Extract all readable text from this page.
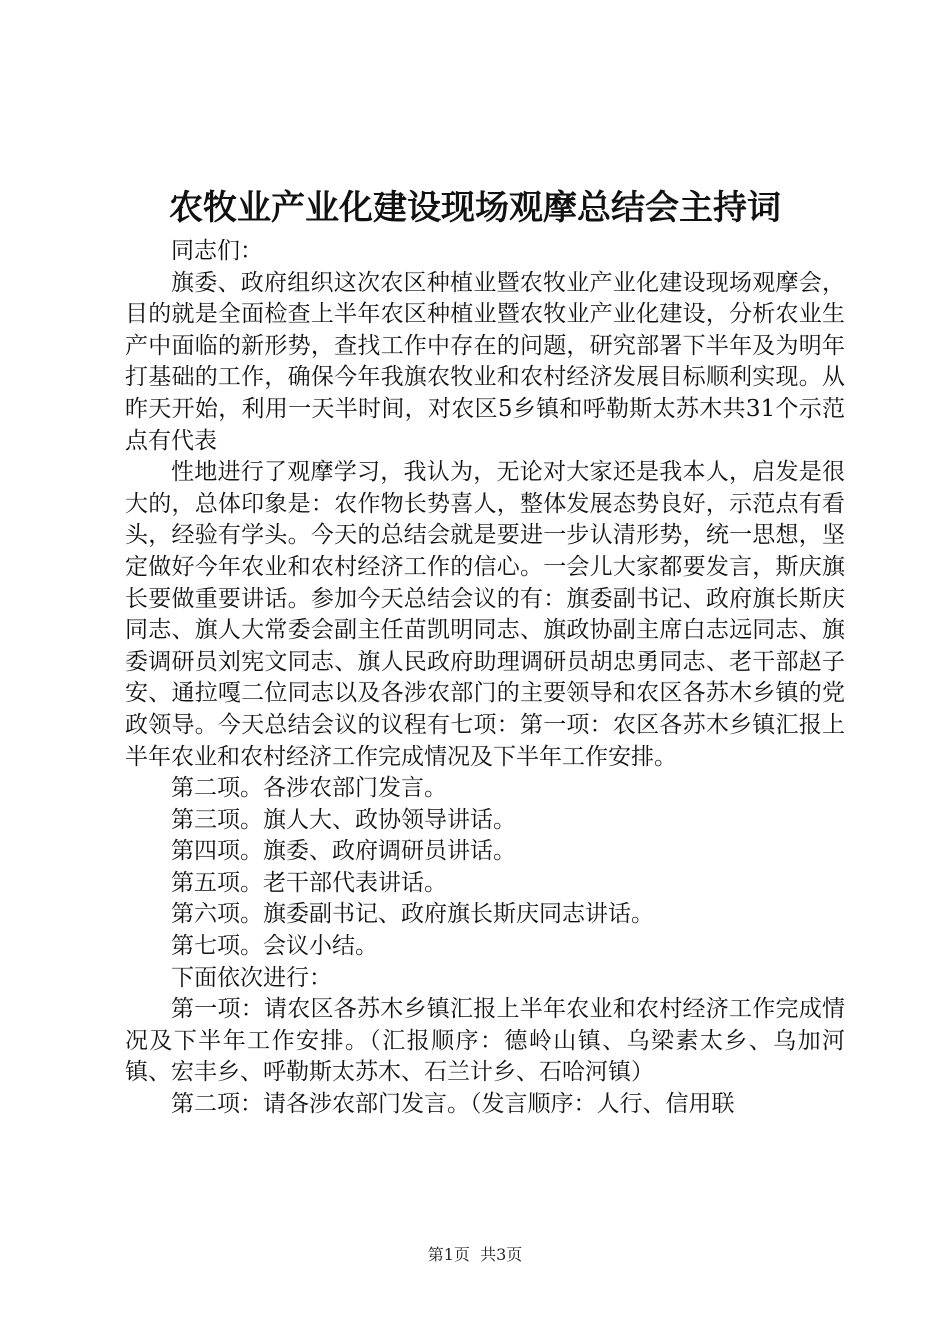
农牧业产业化建设现场观摩总结会主持词

同志们：

旗委、政府组织这次农区种植业暨农牧业产业化建设现场观摩会，目的就是全面检查上半年农区种植业暨农牧业产业化建设，分析农业生产中面临的新形势，查找工作中存在的问题，研究部署下半年及为明年打基础的工作，确保今年我旗农牧业和农村经济发展目标顺利实现。从昨天开始，利用一天半时间，对农区5乡镇和呼勒斯太苏木共31个示范点有代表

性地进行了观摩学习，我认为，无论对大家还是我本人，启发是很大的，总体印象是：农作物长势喜人，整体发展态势良好，示范点有看头，经验有学头。今天的总结会就是要进一步认清形势，统一思想，坚定做好今年农业和农村经济工作的信心。一会儿大家都要发言，斯庆旗长要做重要讲话。参加今天总结会议的有：旗委副书记、政府旗长斯庆同志、旗人大常委会副主任苗凯明同志、旗政协副主席白志远同志、旗委调研员刘宪文同志、旗人民政府助理调研员胡忠勇同志、老干部赵子安、通拉嘎二位同志以及各涉农部门的主要领导和农区各苏木乡镇的党政领导。今天总结会议的议程有七项：第一项：农区各苏木乡镇汇报上半年农业和农村经济工作完成情况及下半年工作安排。

第二项。各涉农部门发言。

第三项。旗人大、政协领导讲话。

第四项。旗委、政府调研员讲话。

第五项。老干部代表讲话。

第六项。旗委副书记、政府旗长斯庆同志讲话。

第七项。会议小结。

下面依次进行：

第一项：请农区各苏木乡镇汇报上半年农业和农村经济工作完成情况及下半年工作安排。（汇报顺序：德岭山镇、乌梁素太乡、乌加河镇、宏丰乡、呼勒斯太苏木、石兰计乡、石哈河镇）

第二项：请各涉农部门发言。（发言顺序：人行、信用联

第1页 共3页
